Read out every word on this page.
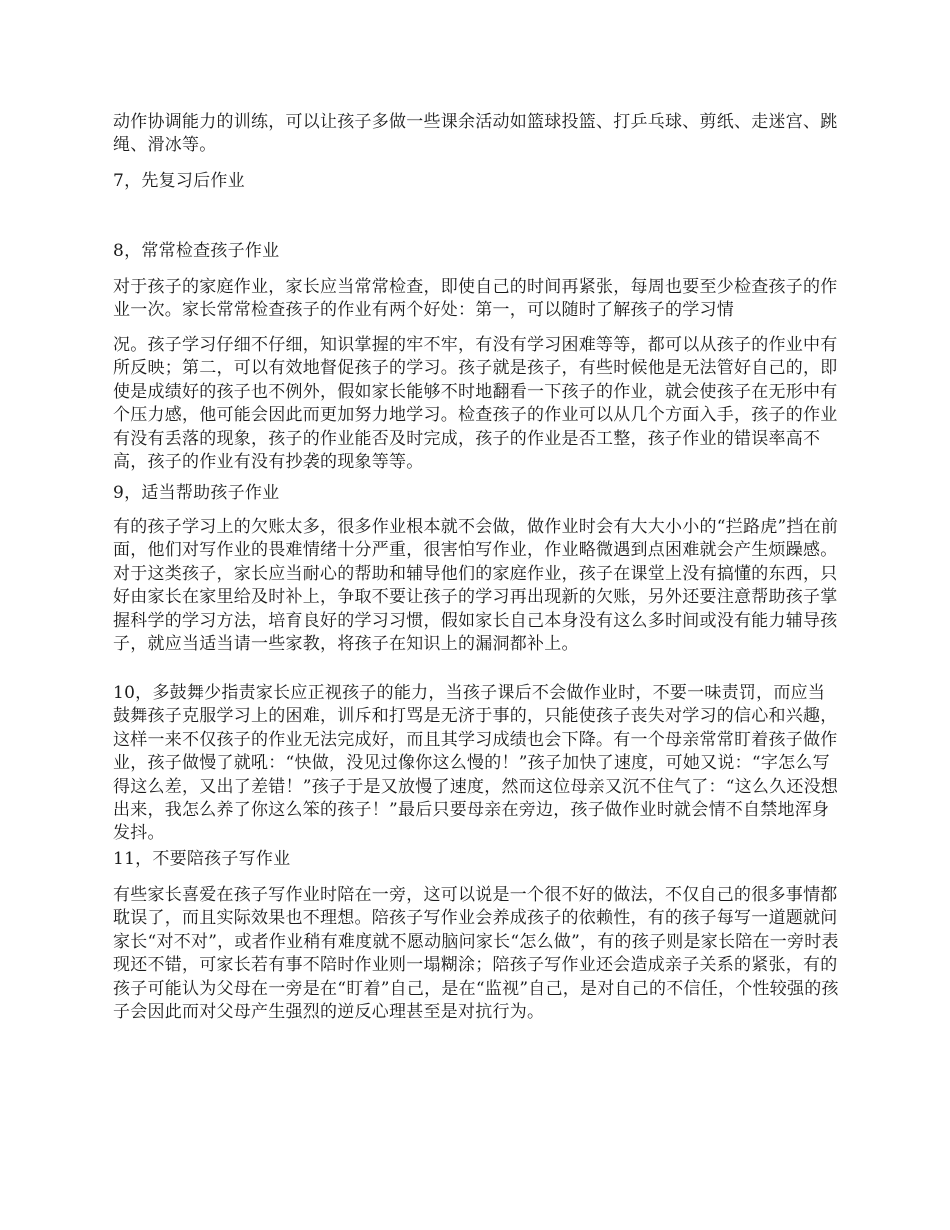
动作协调能力的训练，可以让孩子多做一些课余活动如篮球投篮、打乒乓球、剪纸、走迷宫、跳绳、滑冰等。

7，先复习后作业

8，常常检查孩子作业

对于孩子的家庭作业，家长应当常常检查，即使自己的时间再紧张，每周也要至少检查孩子的作业一次。家长常常检查孩子的作业有两个好处：第一，可以随时了解孩子的学习情

况。孩子学习仔细不仔细，知识掌握的牢不牢，有没有学习困难等等，都可以从孩子的作业中有所反映；第二，可以有效地督促孩子的学习。孩子就是孩子，有些时候他是无法管好自己的，即使是成绩好的孩子也不例外，假如家长能够不时地翻看一下孩子的作业，就会使孩子在无形中有个压力感，他可能会因此而更加努力地学习。检查孩子的作业可以从几个方面入手，孩子的作业有没有丢落的现象，孩子的作业能否及时完成，孩子的作业是否工整，孩子作业的错误率高不高，孩子的作业有没有抄袭的现象等等。

9，适当帮助孩子作业

有的孩子学习上的欠账太多，很多作业根本就不会做，做作业时会有大大小小的“拦路虎”挡在前面，他们对写作业的畏难情绪十分严重，很害怕写作业，作业略微遇到点困难就会产生烦躁感。对于这类孩子，家长应当耐心的帮助和辅导他们的家庭作业，孩子在课堂上没有搞懂的东西，只好由家长在家里给及时补上，争取不要让孩子的学习再出现新的欠账，另外还要注意帮助孩子掌握科学的学习方法，培育良好的学习习惯，假如家长自己本身没有这么多时间或没有能力辅导孩子，就应当适当请一些家教，将孩子在知识上的漏洞都补上。

10，多鼓舞少指责家长应正视孩子的能力，当孩子课后不会做作业时，不要一味责罚，而应当鼓舞孩子克服学习上的困难，训斥和打骂是无济于事的，只能使孩子丧失对学习的信心和兴趣，这样一来不仅孩子的作业无法完成好，而且其学习成绩也会下降。有一个母亲常常盯着孩子做作业，孩子做慢了就吼：“快做，没见过像你这么慢的！”孩子加快了速度，可她又说：“字怎么写得这么差，又出了差错！”孩子于是又放慢了速度，然而这位母亲又沉不住气了：“这么久还没想出来，我怎么养了你这么笨的孩子！”最后只要母亲在旁边，孩子做作业时就会情不自禁地浑身发抖。

11，不要陪孩子写作业

有些家长喜爱在孩子写作业时陪在一旁，这可以说是一个很不好的做法，不仅自己的很多事情都耽误了，而且实际效果也不理想。陪孩子写作业会养成孩子的依赖性，有的孩子每写一道题就问家长“对不对”，或者作业稍有难度就不愿动脑问家长“怎么做”，有的孩子则是家长陪在一旁时表现还不错，可家长若有事不陪时作业则一塌糊涂；陪孩子写作业还会造成亲子关系的紧张，有的孩子可能认为父母在一旁是在“盯着”自己，是在“监视”自己，是对自己的不信任，个性较强的孩子会因此而对父母产生强烈的逆反心理甚至是对抗行为。
